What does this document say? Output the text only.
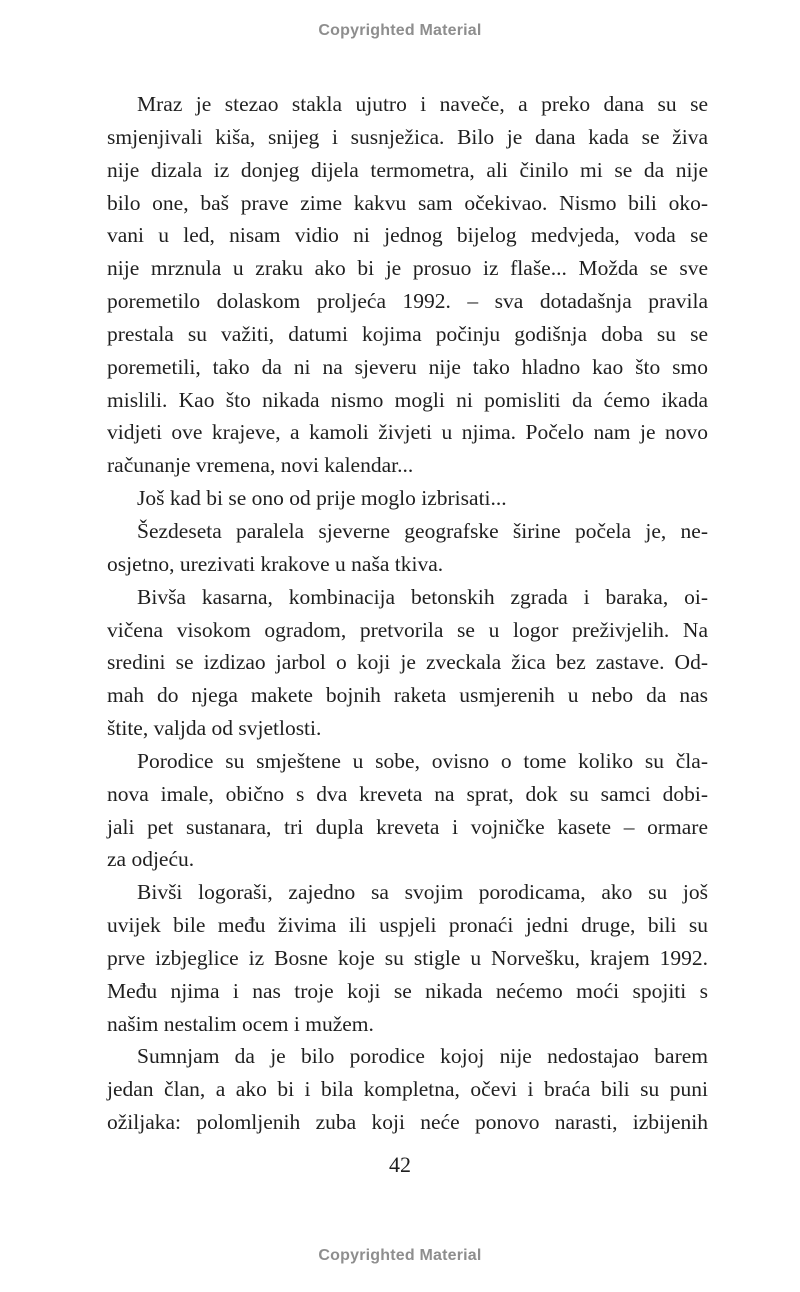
Copyrighted Material
Mraz je stezao stakla ujutro i naveče, a preko dana su se
smjenjivali kiša, snijeg i susnježica. Bilo je dana kada se živa
nije dizala iz donjeg dijela termometra, ali činilo mi se da nije
bilo one, baš prave zime kakvu sam očekivao. Nismo bili oko-
vani u led, nisam vidio ni jednog bijelog medvjeda, voda se
nije mrznula u zraku ako bi je prosuo iz flaše... Možda se sve
poremetilo dolaskom proljeća 1992. – sva dotadašnja pravila
prestala su važiti, datumi kojima počinju godišnja doba su se
poremetili, tako da ni na sjeveru nije tako hladno kao što smo
mislili. Kao što nikada nismo mogli ni pomisliti da ćemo ikada
vidjeti ove krajeve, a kamoli živjeti u njima. Počelo nam je novo
računanje vremena, novi kalendar...
Još kad bi se ono od prije moglo izbrisati...
Šezdeseta paralela sjeverne geografske širine počela je, ne-
osjetno, urezivati krakove u naša tkiva.
Bivša kasarna, kombinacija betonskih zgrada i baraka, oi-
vičena visokom ogradom, pretvorila se u logor preživjelih. Na
sredini se izdizao jarbol o koji je zveckala žica bez zastave. Od-
mah do njega makete bojnih raketa usmjerenih u nebo da nas
štite, valjda od svjetlosti.
Porodice su smještene u sobe, ovisno o tome koliko su čla-
nova imale, obično s dva kreveta na sprat, dok su samci dobi-
jali pet sustanara, tri dupla kreveta i vojničke kasete – ormare
za odjeću.
Bivši logoraši, zajedno sa svojim porodicama, ako su još
uvijek bile među živima ili uspjeli pronaći jedni druge, bili su
prve izbjeglice iz Bosne koje su stigle u Norvešku, krajem 1992.
Među njima i nas troje koji se nikada nećemo moći spojiti s
našim nestalim ocem i mužem.
Sumnjam da je bilo porodice kojoj nije nedostajao barem
jedan član, a ako bi i bila kompletna, očevi i braća bili su puni
ožiljaka: polomljenih zuba koji neće ponovo narasti, izbijenih
42
Copyrighted Material
